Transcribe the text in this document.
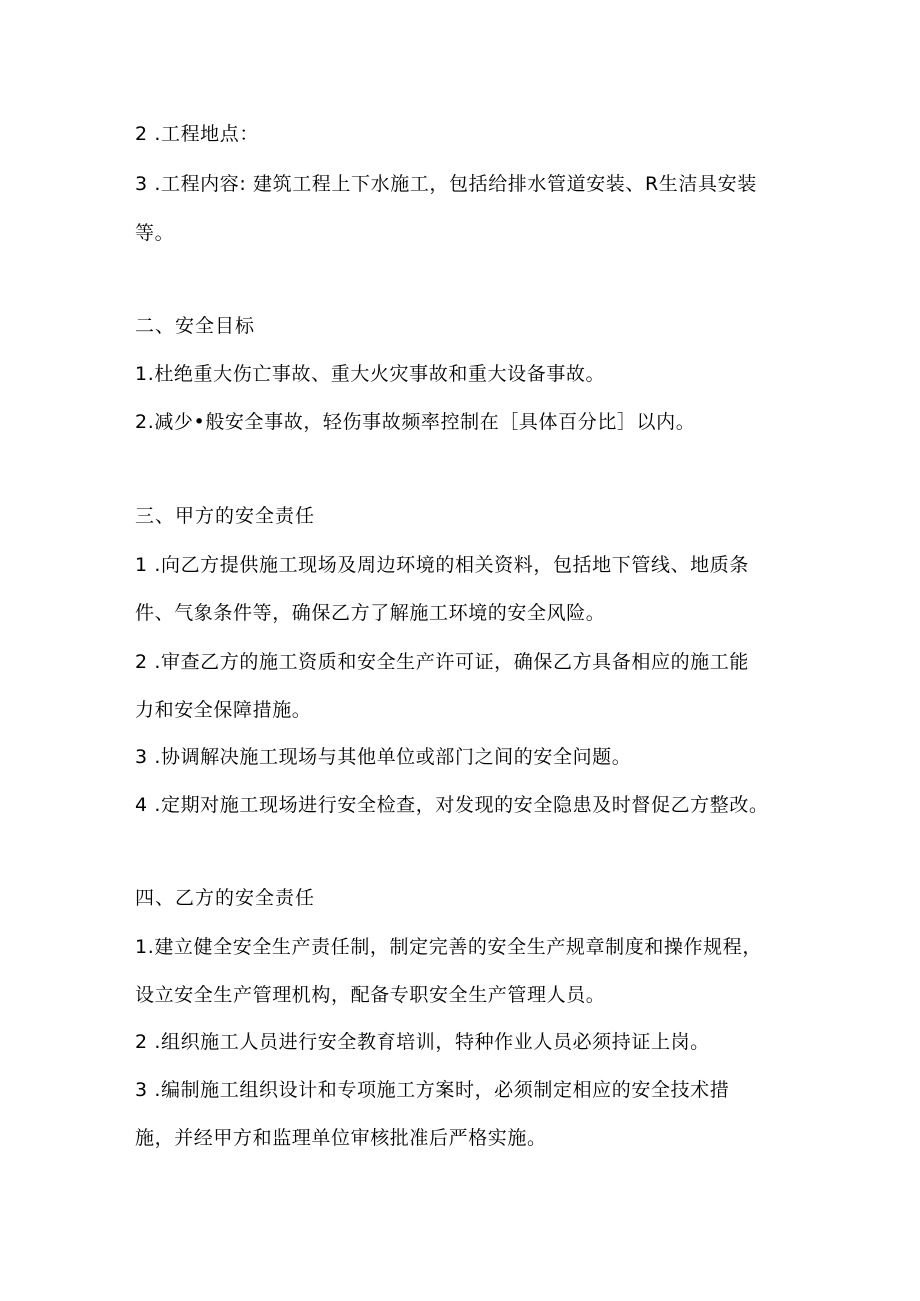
2 .工程地点：
3 .工程内容: 建筑工程上下水施工，包括给排水管道安装、R生洁具安装
等。
二、安全目标
1.杜绝重大伤亡事故、重大火灾事故和重大设备事故。
2.减少•般安全事故，轻伤事故频率控制在［具体百分比］以内。
三、甲方的安全责任
1 .向乙方提供施工现场及周边环境的相关资料，包括地下管线、地质条
件、气象条件等，确保乙方了解施工环境的安全风险。
2 .审查乙方的施工资质和安全生产许可证，确保乙方具备相应的施工能
力和安全保障措施。
3 .协调解决施工现场与其他单位或部门之间的安全问题。
4 .定期对施工现场进行安全检查，对发现的安全隐患及时督促乙方整改。
四、乙方的安全责任
1.建立健全安全生产责任制，制定完善的安全生产规章制度和操作规程，
设立安全生产管理机构，配备专职安全生产管理人员。
2 .组织施工人员进行安全教育培训，特种作业人员必须持证上岗。
3 .编制施工组织设计和专项施工方案时，必须制定相应的安全技术措
施，并经甲方和监理单位审核批准后严格实施。
